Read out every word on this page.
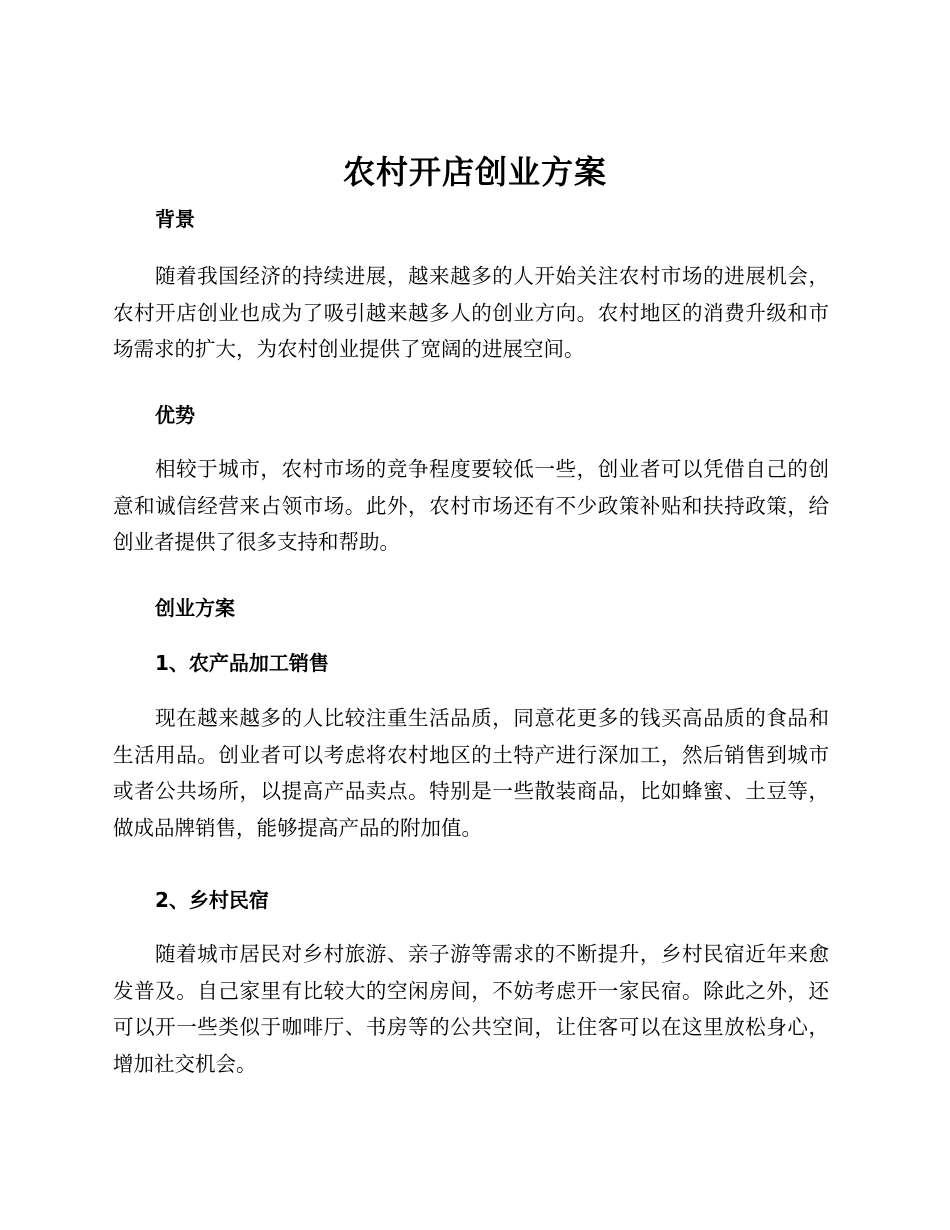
农村开店创业方案
背景
随着我国经济的持续进展，越来越多的人开始关注农村市场的进展机会，农村开店创业也成为了吸引越来越多人的创业方向。农村地区的消费升级和市场需求的扩大，为农村创业提供了宽阔的进展空间。
优势
相较于城市，农村市场的竞争程度要较低一些，创业者可以凭借自己的创意和诚信经营来占领市场。此外，农村市场还有不少政策补贴和扶持政策，给创业者提供了很多支持和帮助。
创业方案
1、农产品加工销售
现在越来越多的人比较注重生活品质，同意花更多的钱买高品质的食品和生活用品。创业者可以考虑将农村地区的土特产进行深加工，然后销售到城市或者公共场所，以提高产品卖点。特别是一些散装商品，比如蜂蜜、土豆等，做成品牌销售，能够提高产品的附加值。
2、乡村民宿
随着城市居民对乡村旅游、亲子游等需求的不断提升，乡村民宿近年来愈发普及。自己家里有比较大的空闲房间，不妨考虑开一家民宿。除此之外，还可以开一些类似于咖啡厅、书房等的公共空间，让住客可以在这里放松身心，增加社交机会。
